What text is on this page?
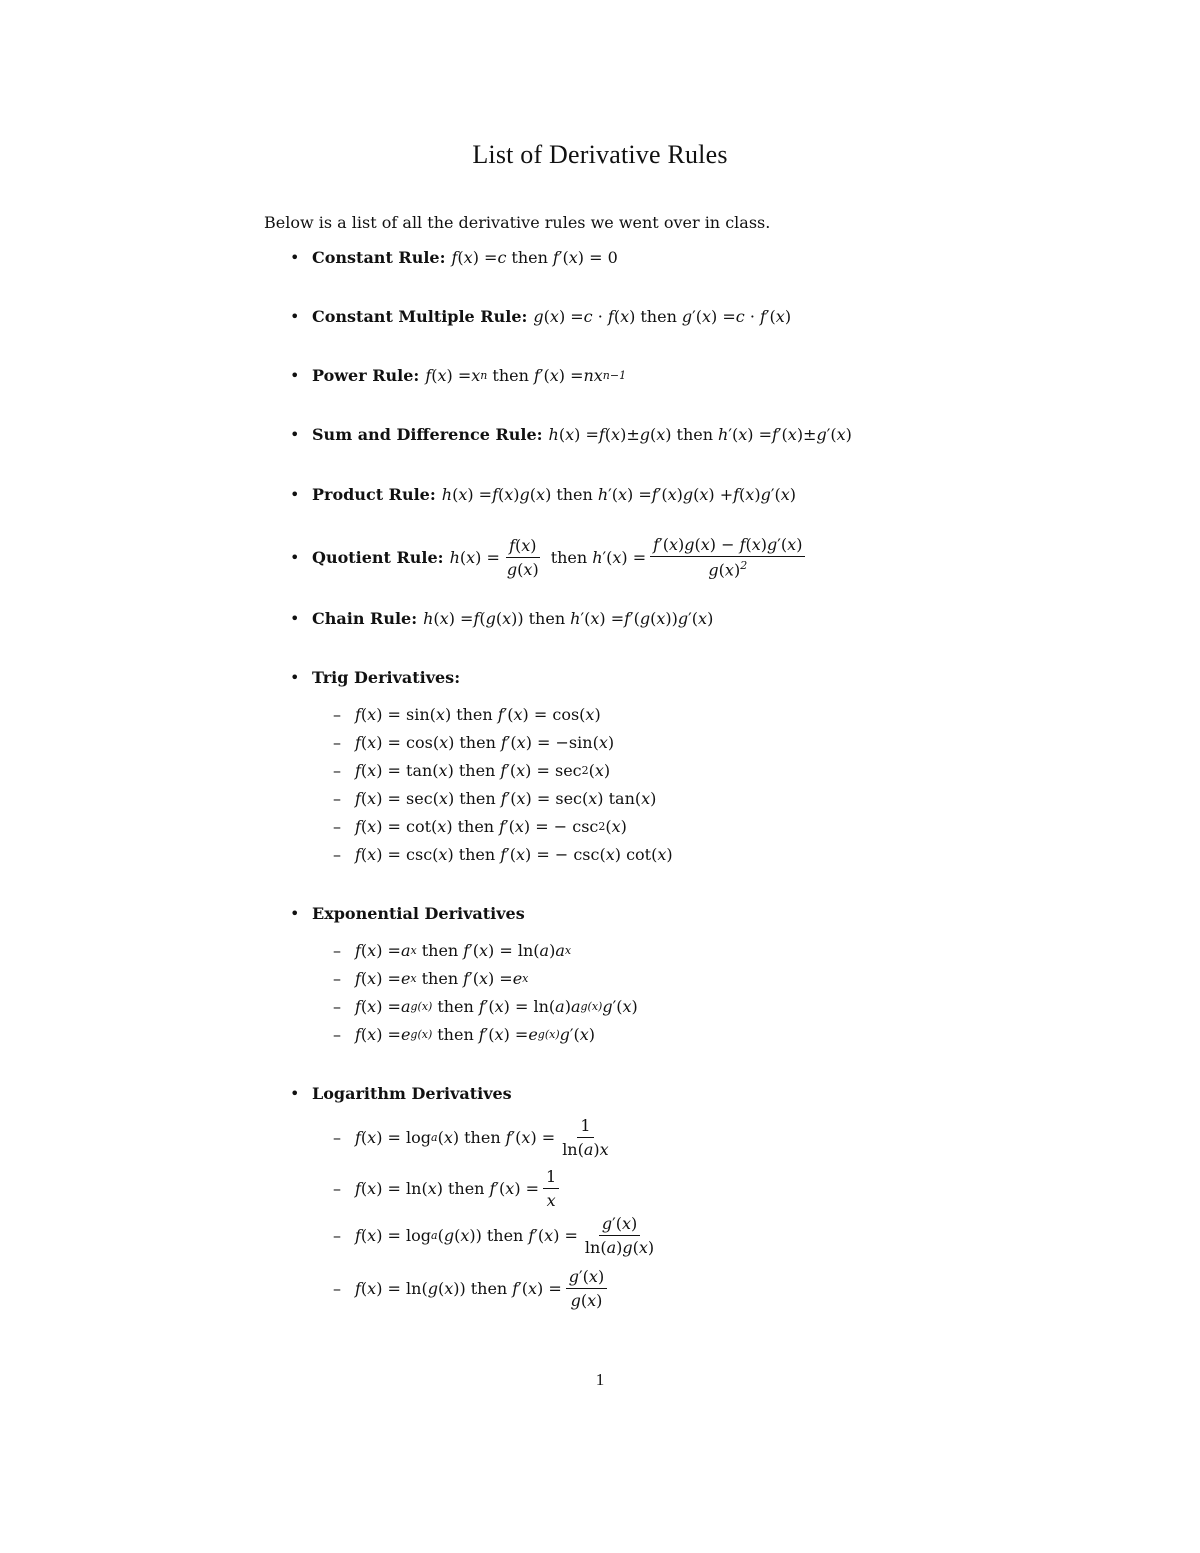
List of Derivative Rules
Below is a list of all the derivative rules we went over in class.
• Constant Rule: f ( x ) = c then f ′( x ) = 0
• Constant Multiple Rule: g ( x ) = c · f ( x ) then g ′( x ) = c · f ′( x )
• Power Rule: f ( x ) = x n then f ′( x ) = nx n−1
• Sum and Difference Rule: h ( x ) = f ( x )± g ( x ) then h ′( x ) = f ′( x )± g ′( x )
• Product Rule: h ( x ) = f ( x ) g ( x ) then h ′( x ) = f ′( x ) g ( x ) + f ( x ) g ′( x )
• Quotient Rule: h ( x ) = $\frac{f(x)}{g(x)}$ then h ′( x ) = $\frac{f'(x)g(x) - f(x)g'(x)}{g(x)^2}$
• Chain Rule: h ( x ) = f ( g ( x )) then h ′( x ) = f ′( g ( x )) g ′( x )
• Trig Derivatives:
– f ( x ) = sin( x ) then f ′( x ) = cos( x )
– f ( x ) = cos( x ) then f ′( x ) = −sin( x )
– f ( x ) = tan( x ) then f ′( x ) = sec 2 ( x )
– f ( x ) = sec( x ) then f ′( x ) = sec( x ) tan( x )
– f ( x ) = cot( x ) then f ′( x ) = − csc 2 ( x )
– f ( x ) = csc( x ) then f ′( x ) = − csc( x ) cot( x )
• Exponential Derivatives
– f ( x ) = a x then f ′( x ) = ln( a ) a x
– f ( x ) = e x then f ′( x ) = e x
– f ( x ) = a g(x) then f ′( x ) = ln( a ) a g(x) g ′( x )
– f ( x ) = e g(x) then f ′( x ) = e g(x) g ′( x )
• Logarithm Derivatives
– f ( x ) = log a ( x ) then f ′( x ) = $\frac{1}{\ln(a)x}$
– f ( x ) = ln( x ) then f ′( x ) = $\frac{1}{x}$
– f ( x ) = log a ( g ( x )) then f ′( x ) = $\frac{g'(x)}{\ln(a)g(x)}$
– f ( x ) = ln( g ( x )) then f ′( x ) = $\frac{g'(x)}{g(x)}$
1
